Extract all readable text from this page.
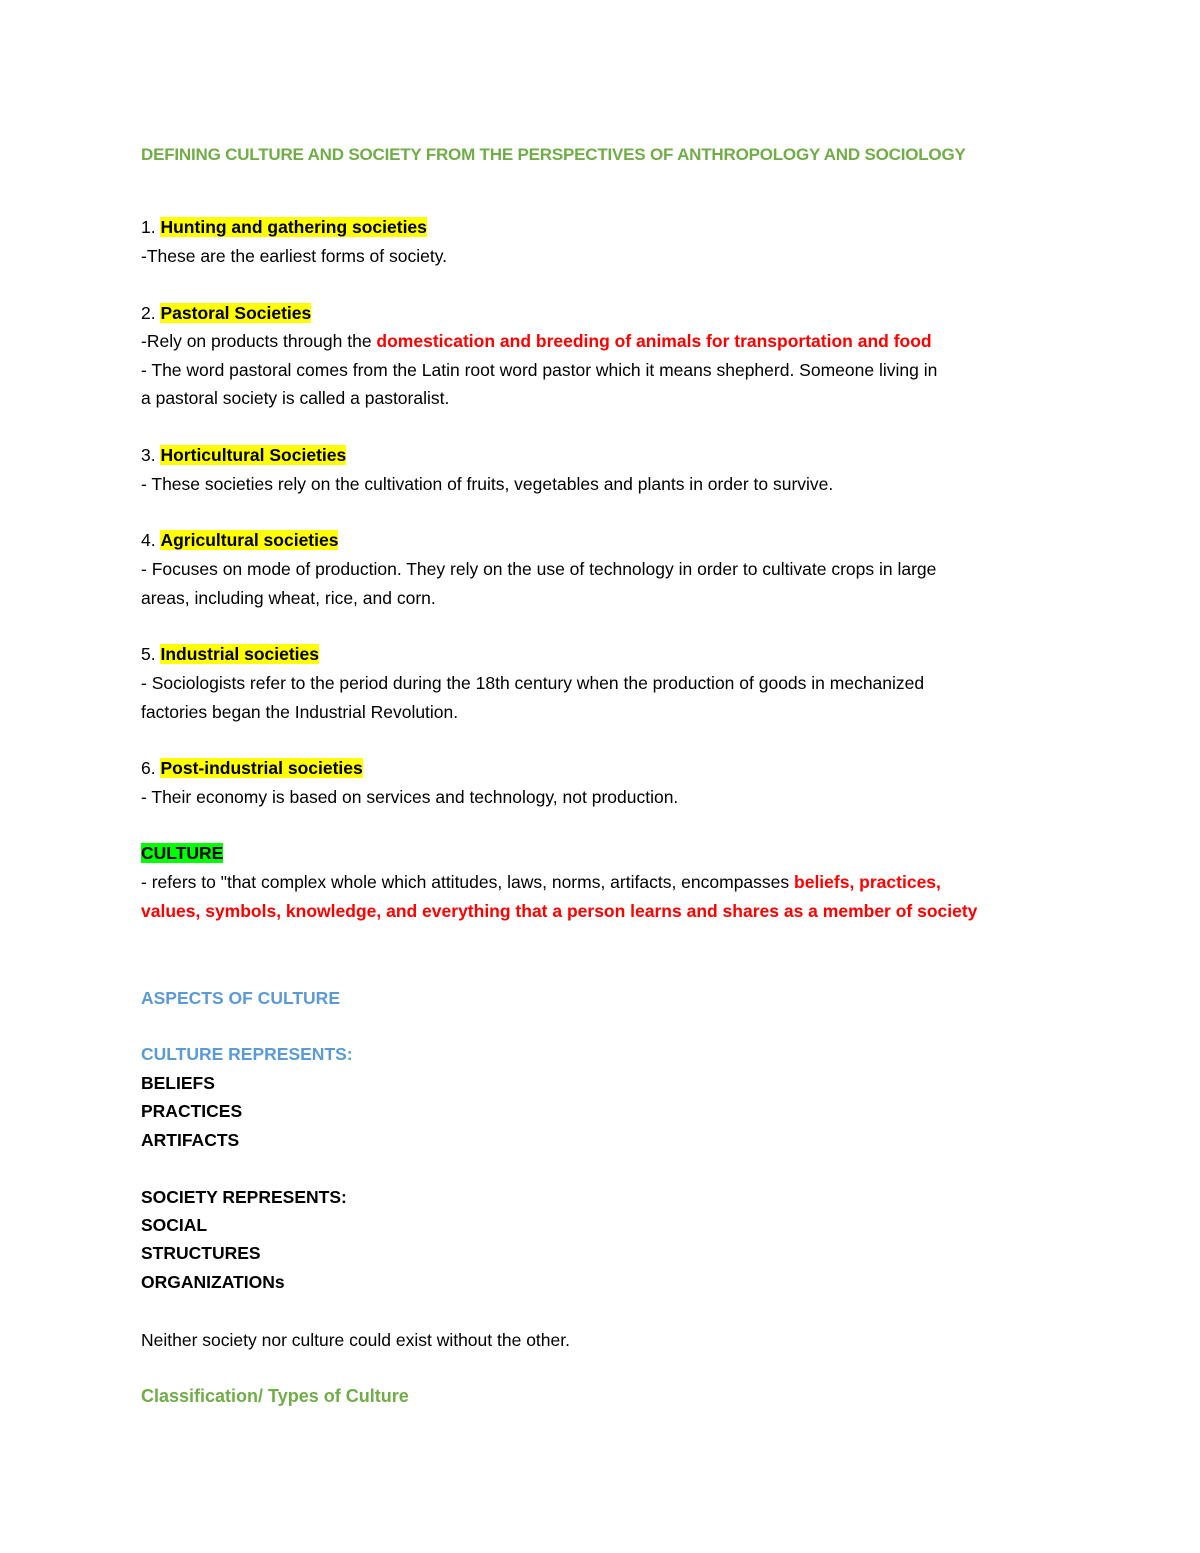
DEFINING CULTURE AND SOCIETY FROM THE PERSPECTIVES OF ANTHROPOLOGY AND SOCIOLOGY
1. Hunting and gathering societies
-These are the earliest forms of society.
2. Pastoral Societies
-Rely on products through the domestication and breeding of animals for transportation and food
- The word pastoral comes from the Latin root word pastor which it means shepherd. Someone living in
a pastoral society is called a pastoralist.
3. Horticultural Societies
- These societies rely on the cultivation of fruits, vegetables and plants in order to survive.
4. Agricultural societies
- Focuses on mode of production. They rely on the use of technology in order to cultivate crops in large
areas, including wheat, rice, and corn.
5. Industrial societies
- Sociologists refer to the period during the 18th century when the production of goods in mechanized
factories began the Industrial Revolution.
6. Post-industrial societies
- Their economy is based on services and technology, not production.
CULTURE
- refers to "that complex whole which attitudes, laws, norms, artifacts, encompasses beliefs, practices,
values, symbols, knowledge, and everything that a person learns and shares as a member of society
ASPECTS OF CULTURE
CULTURE REPRESENTS:
BELIEFS
PRACTICES
ARTIFACTS
SOCIETY REPRESENTS:
SOCIAL
STRUCTURES
ORGANIZATIONs
Neither society nor culture could exist without the other.
Classification/ Types of Culture
